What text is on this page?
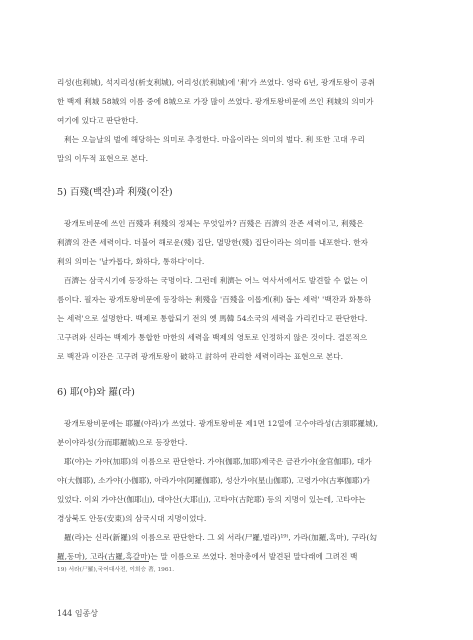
리성(也利城), 석지리성(析支利城), 어리성(於利城)에 '利'가 쓰였다. 영락 6년, 광개토왕이 공취
한 백제 利城 58城의 이름 중에 8城으로 가장 많이 쓰였다. 광개토왕비문에 쓰인 利城의 의미가
여기에 있다고 판단한다.
利는 오늘날의 벌에 해당하는 의미로 추정한다. 마을이라는 의미의 벌다. 利 또한 고대 우리
말의 이두적 표현으로 본다.
5) 百殘(백잔)과 利殘(이잔)
광개토비문에 쓰인 百殘과 利殘의 정체는 무엇일까? 百殘은 百濟의 잔존 세력이고, 利殘은
利濟의 잔존 세력이다. 더불어 해로운(殘) 집단, 멸망한(殘) 집단이라는 의미를 내포한다. 한자
利의 의미는 '날카롭다, 화하다, 통하다'이다.
百濟는 삼국시기에 등장하는 국명이다. 그런데 利濟는 어느 역사서에서도 발견할 수 없는 이
름이다. 필자는 광개토왕비문에 등장하는 利殘을 '百殘을 이롭게(利) 돕는 세력' '백잔과 화통하
는 세력'으로 설명한다. 백제로 통합되기 전의 옛 馬韓 54소국의 세력을 가리킨다고 판단한다.
고구려와 신라는 백제가 통합한 마한의 세력을 백제의 영토로 인정하지 않은 것이다. 결론적으
로 백잔과 이잔은 고구려 광개토왕이 破하고 討하여 관리한 세력이라는 표현으로 본다.
6) 耶(야)와 羅(라)
광개토왕비문에는 耶羅(야라)가 쓰였다. 광개토왕비문 제1면 12열에 고수야라성(古須耶羅城),
분이야라성(分而耶羅城)으로 등장한다.
耶(야)는 가야(加耶)의 이름으로 판단한다. 가야(伽耶,加耶)제국은 금관가야(金官伽耶), 대가
야(大伽耶), 소가야(小伽耶), 아라가야(阿羅伽耶), 성산가야(星山伽耶), 고령가야(古寧伽耶)가
있었다. 이외 가야산(伽耶山), 대야산(大耶山), 고타야(古陀耶) 등의 지명이 있는데, 고타야는
경상북도 안동(安東)의 삼국시대 지명이었다.
羅(라)는 신라(新羅)의 이름으로 판단한다. 그 외 서라(尸羅,벌라)¹⁹⁾, 가라(加羅,흑마), 구라(勾
羅,동마), 고라(古羅,흑갈마)는 말 이름으로 쓰였다. 천마총에서 발견된 말다래에 그려진 백
19) 서라(尸羅),국어대사전, 이희승 著, 1961.
144 임종상
